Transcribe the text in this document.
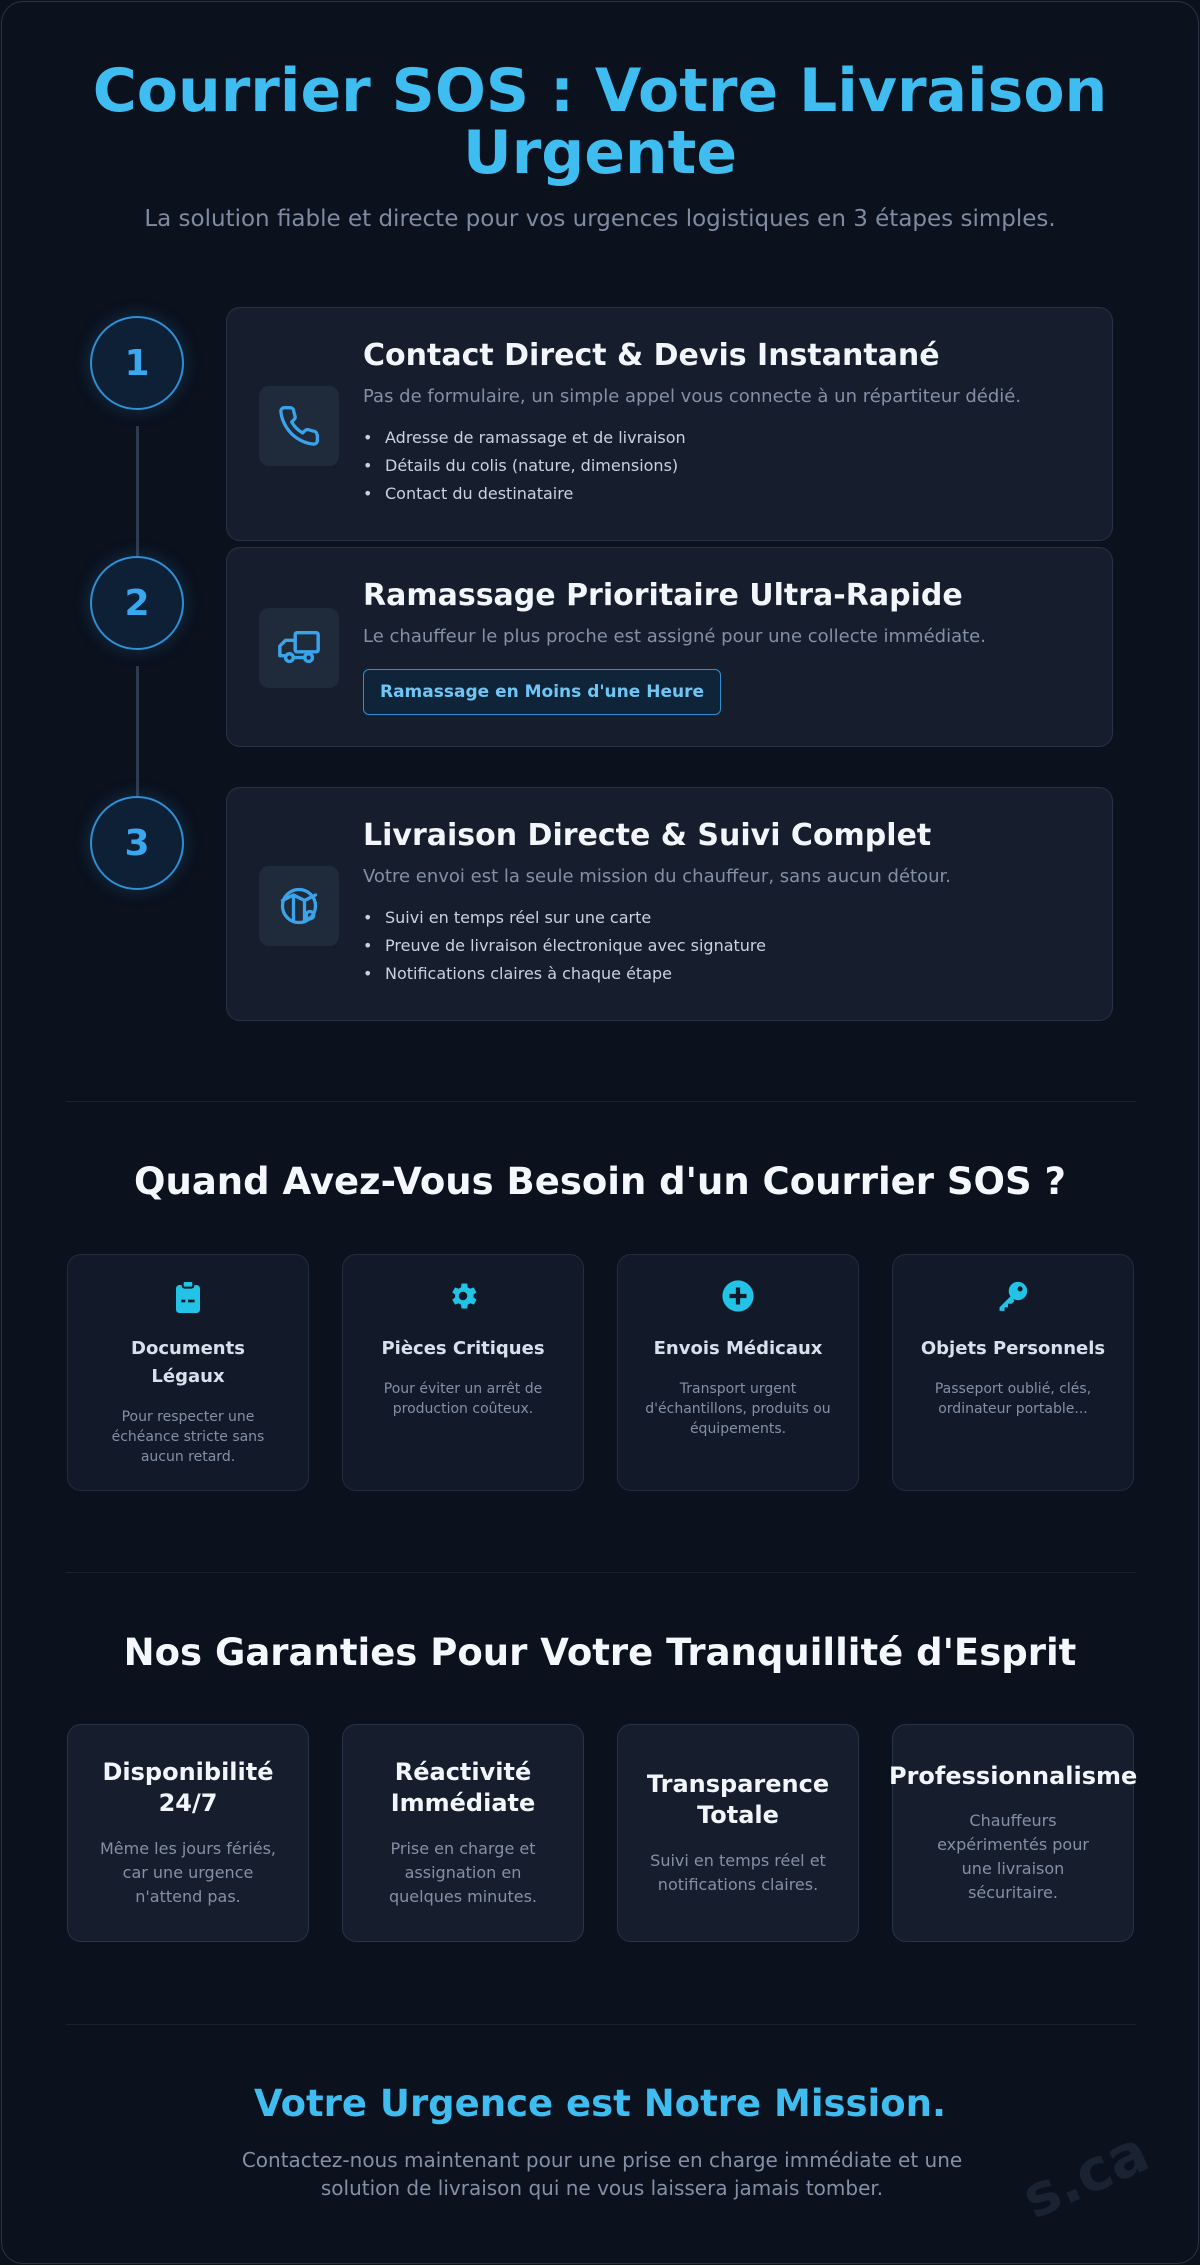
Courrier SOS : Votre Livraison Urgente

La solution fiable et directe pour vos urgences logistiques en 3 étapes simples.

1	Contact Direct & Devis Instantané

Pas de formulaire, un simple appel vous connecte à un répartiteur dédié.

• Adresse de ramassage et de livraison
• Détails du colis (nature, dimensions)
• Contact du destinataire
2	Ramassage Prioritaire Ultra-Rapide

Le chauffeur le plus proche est assigné pour une collecte immédiate.

Ramassage en Moins d'une Heure
3	Livraison Directe & Suivi Complet

Votre envoi est la seule mission du chauffeur, sans aucun détour.

• Suivi en temps réel sur une carte
• Preuve de livraison électronique avec signature
• Notifications claires à chaque étape
Quand Avez-Vous Besoin d'un Courrier SOS ?
Documents Légaux
Pour respecter une échéance stricte sans aucun retard.
Pièces Critiques
Pour éviter un arrêt de production coûteux.
Envois Médicaux
Transport urgent d'échantillons, produits ou équipements.
Objets Personnels
Passeport oublié, clés, ordinateur portable...
Nos Garanties Pour Votre Tranquillité d'Esprit
Disponibilité 24/7
Même les jours fériés, car une urgence n'attend pas.
Réactivité Immédiate
Prise en charge et assignation en quelques minutes.
Transparence Totale
Suivi en temps réel et notifications claires.
Professionnalisme
Chauffeurs expérimentés pour une livraison sécuritaire.
Votre Urgence est Notre Mission.

Contactez-nous maintenant pour une prise en charge immédiate et une solution de livraison qui ne vous laissera jamais tomber.	s.ca
